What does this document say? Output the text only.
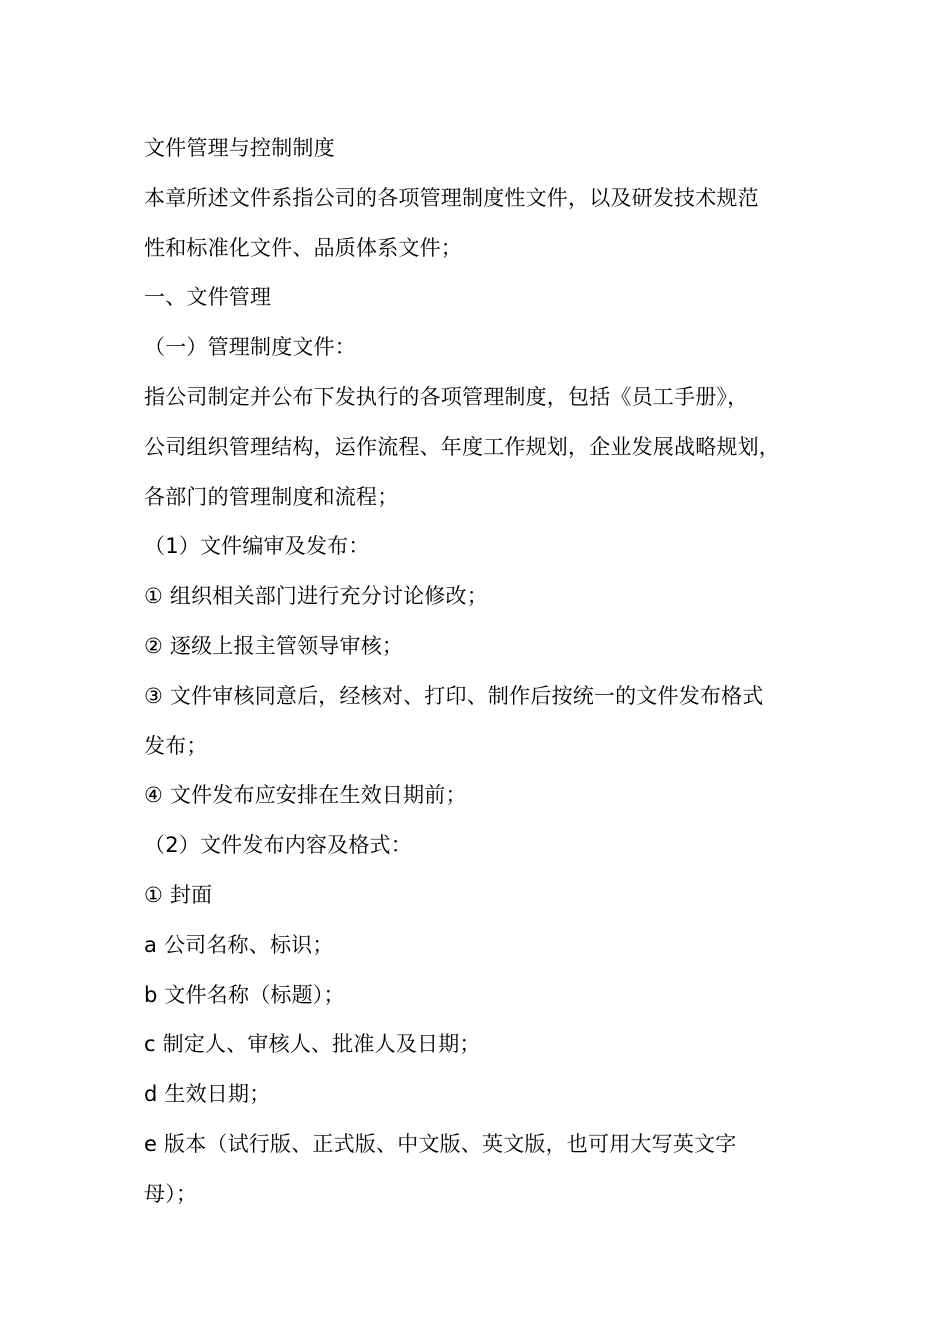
文件管理与控制制度
本章所述文件系指公司的各项管理制度性文件，以及研发技术规范
性和标准化文件、品质体系文件；
一、文件管理
（一）管理制度文件：
指公司制定并公布下发执行的各项管理制度，包括《员工手册》，
公司组织管理结构，运作流程、年度工作规划，企业发展战略规划，
各部门的管理制度和流程；
（1）文件编审及发布：
① 组织相关部门进行充分讨论修改；
② 逐级上报主管领导审核；
③ 文件审核同意后，经核对、打印、制作后按统一的文件发布格式
发布；
④ 文件发布应安排在生效日期前；
（2）文件发布内容及格式：
① 封面
a 公司名称、标识；
b 文件名称（标题）；
c 制定人、审核人、批准人及日期；
d 生效日期；
e 版本（试行版、正式版、中文版、英文版，也可用大写英文字
母）；
